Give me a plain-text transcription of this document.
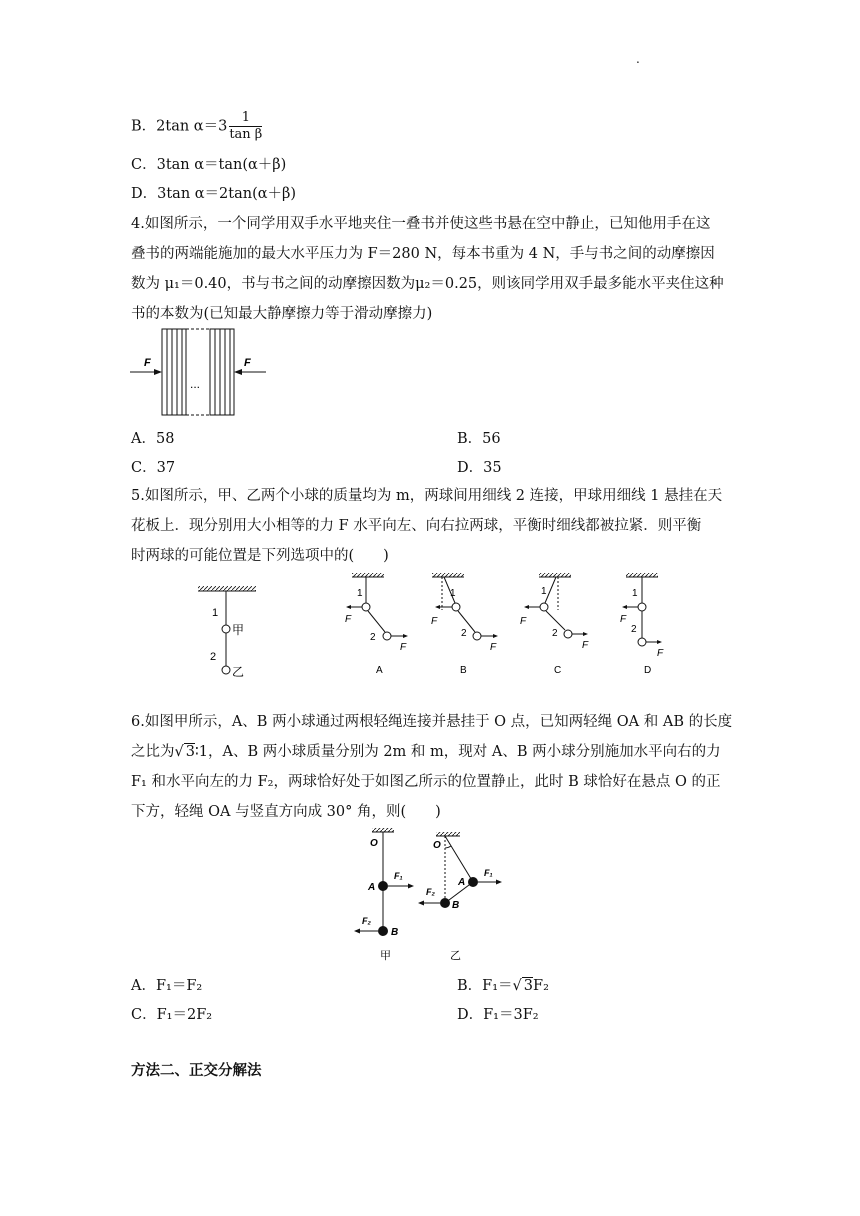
.
B．2tan $\alpha=3 \frac{1}{\text{tan β}}$
C．3tan α＝tan(α＋β)
D．3tan α＝2tan(α＋β)
4.如图所示，一个同学用双手水平地夹住一叠书并使这些书悬在空中静止，已知他用手在这
叠书的两端能施加的最大水平压力为 F＝280 N，每本书重为 4 N，手与书之间的动摩擦因
数为 μ₁＝0.40，书与书之间的动摩擦因数为μ₂＝0.25，则该同学用双手最多能水平夹住这种
书的本数为(已知最大静摩擦力等于滑动摩擦力)
F	F
...
A．58	B．56
C．37	D．35
5.如图所示，甲、乙两个小球的质量均为 m，两球间用细线 2 连接，甲球用细线 1 悬挂在天
花板上．现分别用大小相等的力 F 水平向左、向右拉两球，平衡时细线都被拉紧．则平衡
时两球的可能位置是下列选项中的(　　)
1
2
甲
乙
1
2
F
F
A
1
2
F
F
B
1
2
F
F
C
1
2
F
F
D
6.如图甲所示，A、B 两小球通过两根轻绳连接并悬挂于 O 点，已知两轻绳 OA 和 AB 的长度
之比为√ 3∶1，A、B 两小球质量分别为 2m 和 m，现对 A、B 两小球分别施加水平向右的力
F₁ 和水平向左的力 F₂，两球恰好处于如图乙所示的位置静止，此时 B 球恰好在悬点 O 的正
下方，轻绳 OA 与竖直方向成 30° 角，则(　　)
O
A
B
F₁
F₂
甲
O
A
B
F₁
F₂
乙
A．F₁＝F₂	B．F₁＝√ 3F₂
C．F₁＝2F₂	D．F₁＝3F₂
方法二、正交分解法
